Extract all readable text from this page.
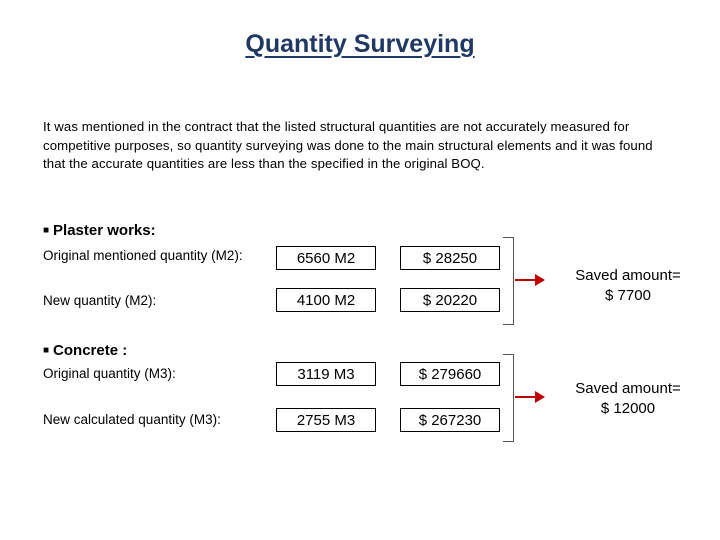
Quantity Surveying
It was mentioned in the contract that the listed structural quantities are not accurately measured for competitive purposes, so quantity surveying was done to the main structural elements and it was found that the accurate quantities are less than the specified in the original BOQ.
■ Plaster works:
Original mentioned quantity (M2):	6560 M2	$ 28250
New quantity (M2):	4100 M2	$ 20220
Saved amount=
$ 7700
■ Concrete :
Original quantity (M3):	3119 M3	$ 279660
New calculated quantity (M3):	2755 M3	$ 267230
Saved amount=
$ 12000
